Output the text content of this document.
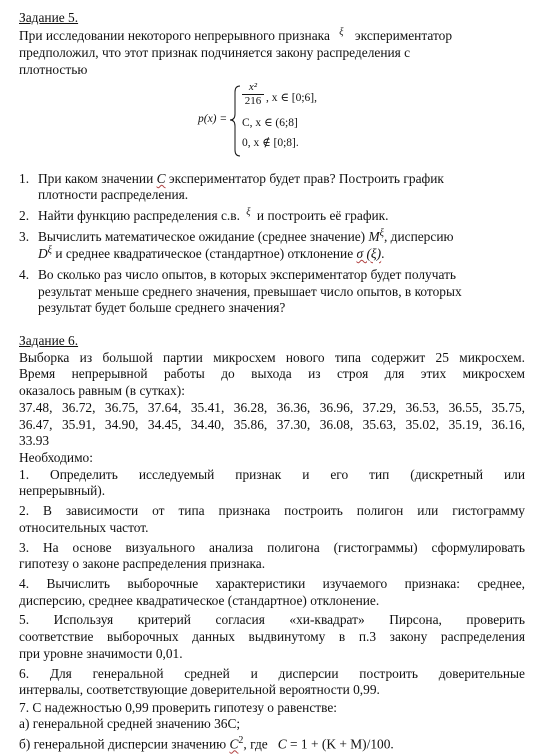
Задание 5.
При исследовании некоторого непрерывного признака $^\xi$ экспериментатор
предположил, что этот признак подчиняется закону распределения с
плотностью
p(x) =
x²
216 , x ∈ [0;6],
C, x ∈ (6;8]
0, x ∉ [0;8].
1. При каком значении C экспериментатор будет прав? Построить график
плотности распределения.
2. Найти функцию распределения с.в. $^\xi$ и построить её график.
3. Вычислить математическое ожидание (среднее значение) $M^\xi$, дисперсию
$D^\xi$ и среднее квадратическое (стандартное) отклонение σ (ξ).
4. Во сколько раз число опытов, в которых экспериментатор будет получать
результат меньше среднего значения, превышает число опытов, в которых
результат будет больше среднего значения?
Задание 6.
Выборка из большой партии микросхем нового типа содержит 25 микросхем.
Время непрерывной работы до выхода из строя для этих микросхем
оказалось равным (в сутках):
37.48, 36.72, 36.75, 37.64, 35.41, 36.28, 36.36, 36.96, 37.29, 36.53, 36.55, 35.75,
36.47, 35.91, 34.90, 34.45, 34.40, 35.86, 37.30, 36.08, 35.63, 35.02, 35.19, 36.16,
33.93
Необходимо:
1. Определить исследуемый признак и его тип (дискретный или
непрерывный).
2. В зависимости от типа признака построить полигон или гистограмму
относительных частот.
3. На основе визуального анализа полигона (гистограммы) сформулировать
гипотезу о законе распределения признака.
4. Вычислить выборочные характеристики изучаемого признака: среднее,
дисперсию, среднее квадратическое (стандартное) отклонение.
5. Используя критерий согласия «хи-квадрат» Пирсона, проверить
соответствие выборочных данных выдвинутому в п.3 закону распределения
при уровне значимости 0,01.
6. Для генеральной средней и дисперсии построить доверительные
интервалы, соответствующие доверительной вероятности 0,99.
7. С надежностью 0,99 проверить гипотезу о равенстве:
а) генеральной средней значению 36C;
б) генеральной дисперсии значению $C^2$, где C = 1 + (K + M)/100.
